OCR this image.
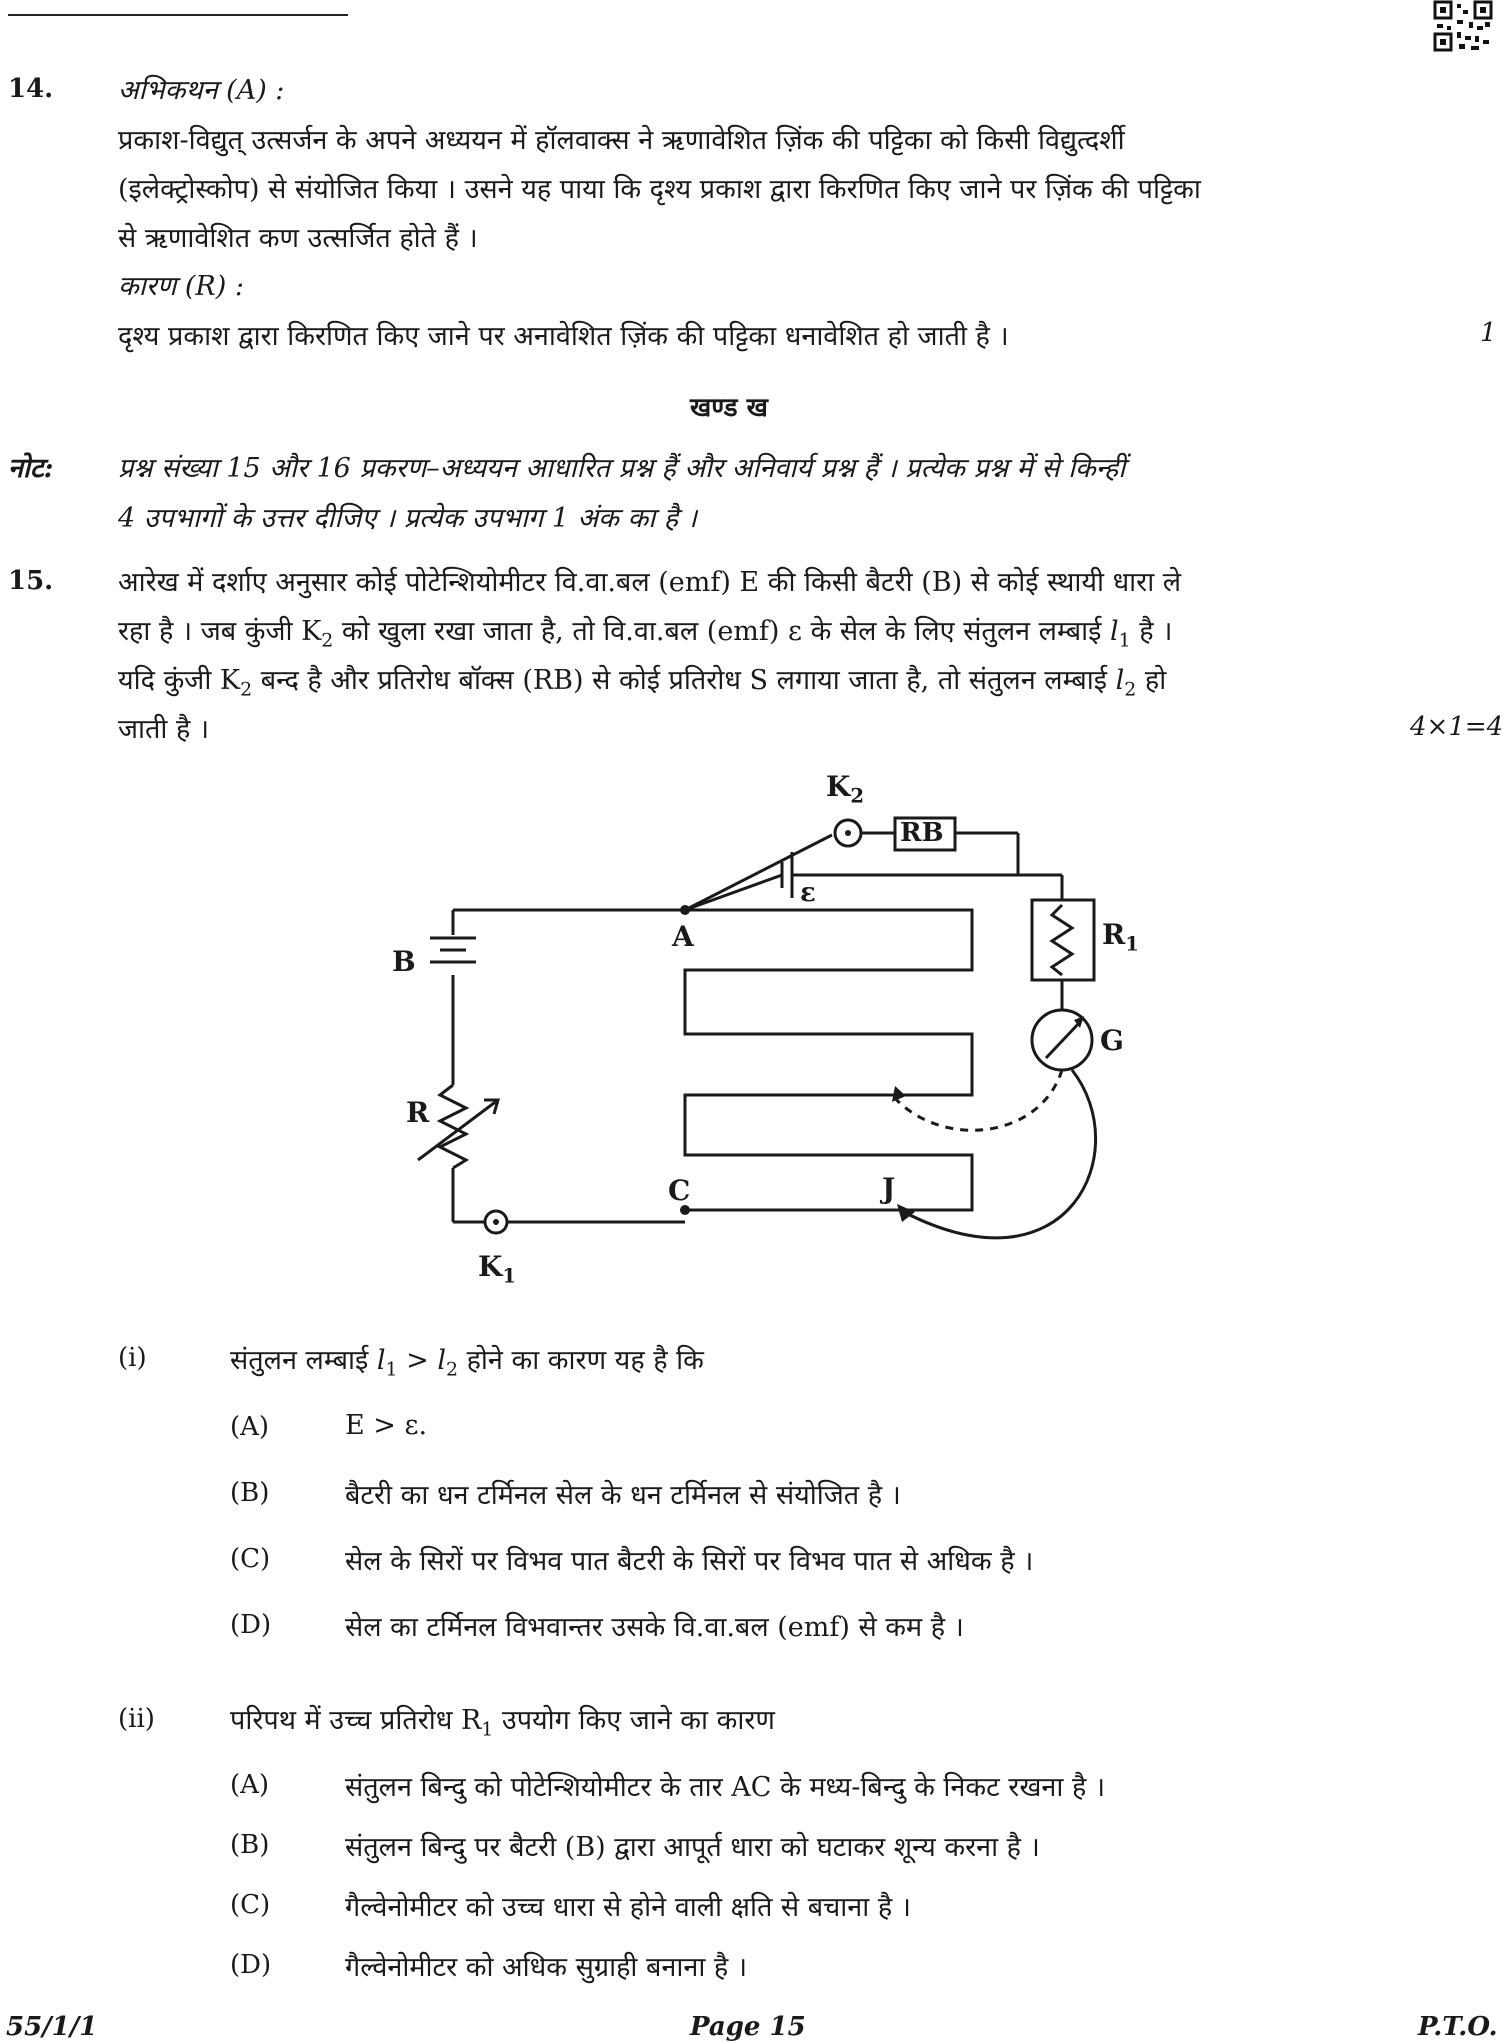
14. अभिकथन (A) :
प्रकाश-विद्युत् उत्सर्जन के अपने अध्ययन में हॉलवाक्स ने ऋणावेशित ज़िंक की पट्टिका को किसी विद्युत्दर्शी
(इलेक्ट्रोस्कोप) से संयोजित किया । उसने यह पाया कि दृश्य प्रकाश द्वारा किरणित किए जाने पर ज़िंक की पट्टिका
से ऋणावेशित कण उत्सर्जित होते हैं ।
कारण (R) :
दृश्य प्रकाश द्वारा किरणित किए जाने पर अनावेशित ज़िंक की पट्टिका धनावेशित हो जाती है ।	1
खण्ड ख
नोट: प्रश्न संख्या 15 और 16 प्रकरण–अध्ययन आधारित प्रश्न हैं और अनिवार्य प्रश्न हैं । प्रत्येक प्रश्न में से किन्हीं
4 उपभागों के उत्तर दीजिए । प्रत्येक उपभाग 1 अंक का है ।
15. आरेख में दर्शाए अनुसार कोई पोटेन्शियोमीटर वि.वा.बल (emf) E की किसी बैटरी (B) से कोई स्थायी धारा ले
रहा है । जब कुंजी $K_2$ को खुला रखा जाता है, तो वि.वा.बल (emf) ε के सेल के लिए संतुलन लम्बाई $l_1$ है ।
यदि कुंजी $K_2$ बन्द है और प्रतिरोध बॉक्स (RB) से कोई प्रतिरोध S लगाया जाता है, तो संतुलन लम्बाई $l_2$ हो
जाती है ।	4×1=4
$K_2$
RB
ε
A
B
$R_1$
G
R
C	J
$K_1$
(i)	संतुलन लम्बाई $l_1 > l_2$ होने का कारण यह है कि
(A)	E > ε.
(B)	बैटरी का धन टर्मिनल सेल के धन टर्मिनल से संयोजित है ।
(C)	सेल के सिरों पर विभव पात बैटरी के सिरों पर विभव पात से अधिक है ।
(D)	सेल का टर्मिनल विभवान्तर उसके वि.वा.बल (emf) से कम है ।
(ii)	परिपथ में उच्च प्रतिरोध $R_1$ उपयोग किए जाने का कारण
(A)	संतुलन बिन्दु को पोटेन्शियोमीटर के तार AC के मध्य-बिन्दु के निकट रखना है ।
(B)	संतुलन बिन्दु पर बैटरी (B) द्वारा आपूर्त धारा को घटाकर शून्य करना है ।
(C)	गैल्वेनोमीटर को उच्च धारा से होने वाली क्षति से बचाना है ।
(D)	गैल्वेनोमीटर को अधिक सुग्राही बनाना है ।
55/1/1	Page 15	P.T.O.
